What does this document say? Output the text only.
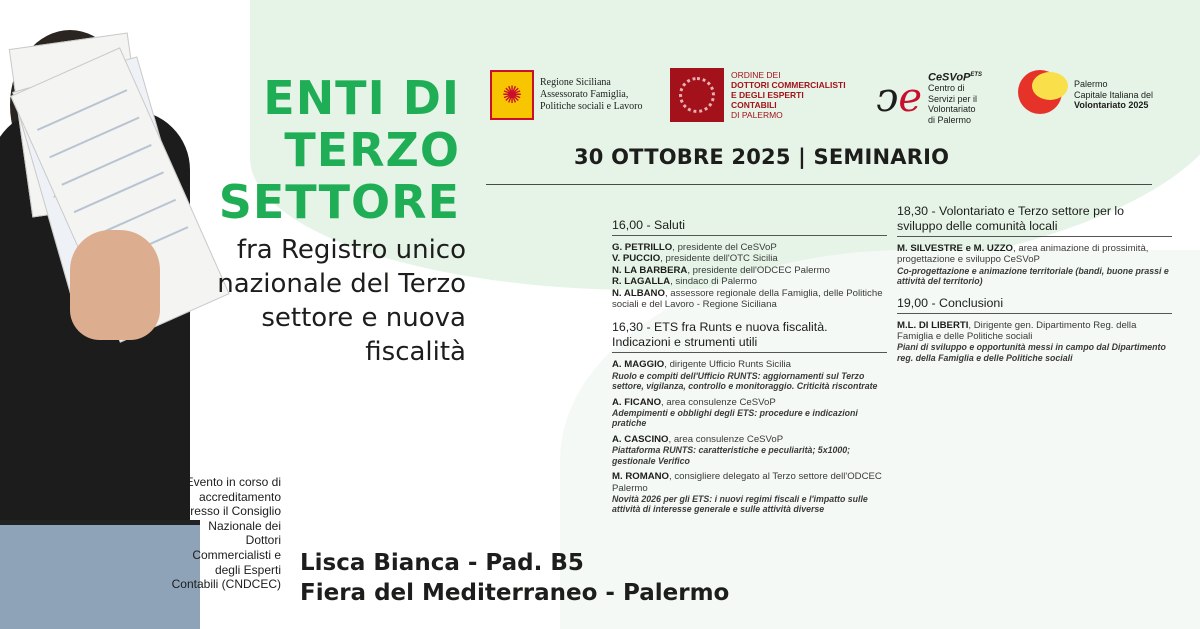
ENTI DI
TERZO
SETTORE
fra Registro unico
nazionale del Terzo
settore e nuova
fiscalità
Evento in corso di
accreditamento
presso il Consiglio
Nazionale dei
Dottori
Commercialisti e
degli Esperti
Contabili (CNDCEC)
Lisca Bianca - Pad. B5
Fiera del Mediterraneo - Palermo
✺	Regione Siciliana
Assessorato Famiglia,
Politiche sociali e Lavoro
ORDINE DEI
DOTTORI COMMERCIALISTI
E DEGLI ESPERTI CONTABILI
DI PALERMO	ↄe CeSVoP$^{ETS}$
Centro di
Servizi per il
Volontariato
di Palermo
Palermo
Capitale Italiana del
Volontariato 2025
30 OTTOBRE 2025 | SEMINARIO
16,00 - Saluti
G. PETRILLO, presidente del CeSVoP
V. PUCCIO, presidente dell'OTC Sicilia
N. LA BARBERA, presidente dell'ODCEC Palermo
R. LAGALLA, sindaco di Palermo
N. ALBANO, assessore regionale della Famiglia, delle Politiche sociali e del Lavoro - Regione Siciliana
16,30 - ETS fra Runts e nuova fiscalità. Indicazioni e strumenti utili
A. MAGGIO, dirigente Ufficio Runts Sicilia
Ruolo e compiti dell'Ufficio RUNTS: aggiornamenti sul Terzo settore, vigilanza, controllo e monitoraggio. Criticità riscontrate
A. FICANO, area consulenze CeSVoP
Adempimenti e obblighi degli ETS: procedure e indicazioni pratiche
A. CASCINO, area consulenze CeSVoP
Piattaforma RUNTS: caratteristiche e peculiarità; 5x1000; gestionale Verifico
M. ROMANO, consigliere delegato al Terzo settore dell'ODCEC Palermo
Novità 2026 per gli ETS: i nuovi regimi fiscali e l'impatto sulle attività di interesse generale e sulle attività diverse
18,30 - Volontariato e Terzo settore per lo sviluppo delle comunità locali
M. SILVESTRE e M. UZZO, area animazione di prossimità, progettazione e sviluppo CeSVoP
Co-progettazione e animazione territoriale (bandi, buone prassi e attività del territorio)
19,00 - Conclusioni
M.L. DI LIBERTI, Dirigente gen. Dipartimento Reg. della Famiglia e delle Politiche sociali
Piani di sviluppo e opportunità messi in campo dal Dipartimento reg. della Famiglia e delle Politiche sociali
